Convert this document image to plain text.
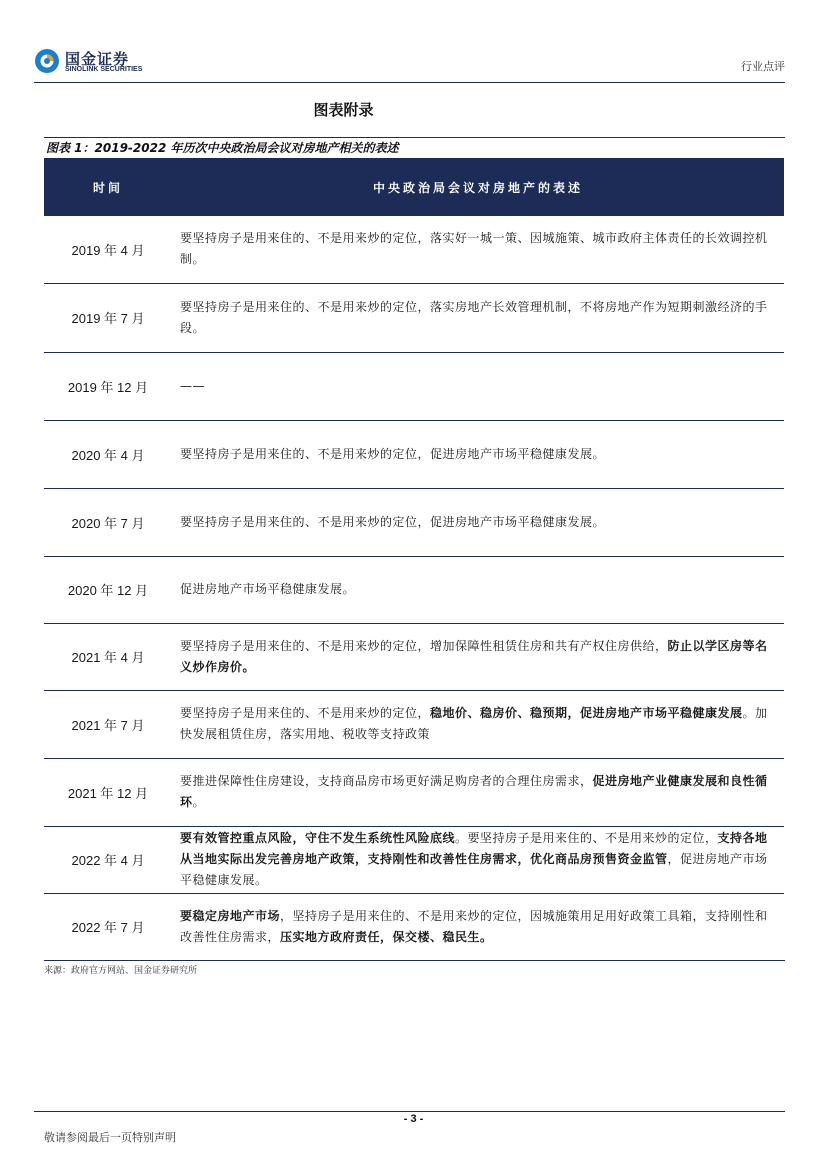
国金证券
SINOLINK SECURITIES	行业点评
图表附录
图表 1：2019-2022 年历次中央政治局会议对房地产相关的表述
时间	中央政治局会议对房地产的表述
2019 年 4 月	要坚持房子是用来住的、不是用来炒的定位，落实好一城一策、因城施策、城市政府主体责任的长效调控机制。
2019 年 7 月	要坚持房子是用来住的、不是用来炒的定位，落实房地产长效管理机制，不将房地产作为短期刺激经济的手段。
2019 年 12 月	——
2020 年 4 月	要坚持房子是用来住的、不是用来炒的定位，促进房地产市场平稳健康发展。
2020 年 7 月	要坚持房子是用来住的、不是用来炒的定位，促进房地产市场平稳健康发展。
2020 年 12 月	促进房地产市场平稳健康发展。
2021 年 4 月	要坚持房子是用来住的、不是用来炒的定位，增加保障性租赁住房和共有产权住房供给，防止以学区房等名义炒作房价。
2021 年 7 月	要坚持房子是用来住的、不是用来炒的定位，稳地价、稳房价、稳预期，促进房地产市场平稳健康发展。加快发展租赁住房，落实用地、税收等支持政策
2021 年 12 月	要推进保障性住房建设，支持商品房市场更好满足购房者的合理住房需求，促进房地产业健康发展和良性循环。
2022 年 4 月	要有效管控重点风险，守住不发生系统性风险底线。要坚持房子是用来住的、不是用来炒的定位，支持各地从当地实际出发完善房地产政策，支持刚性和改善性住房需求，优化商品房预售资金监管，促进房地产市场平稳健康发展。
2022 年 7 月	要稳定房地产市场，坚持房子是用来住的、不是用来炒的定位，因城施策用足用好政策工具箱，支持刚性和改善性住房需求，压实地方政府责任，保交楼、稳民生。
来源：政府官方网站、国金证券研究所
- 3 -
敬请参阅最后一页特别声明
